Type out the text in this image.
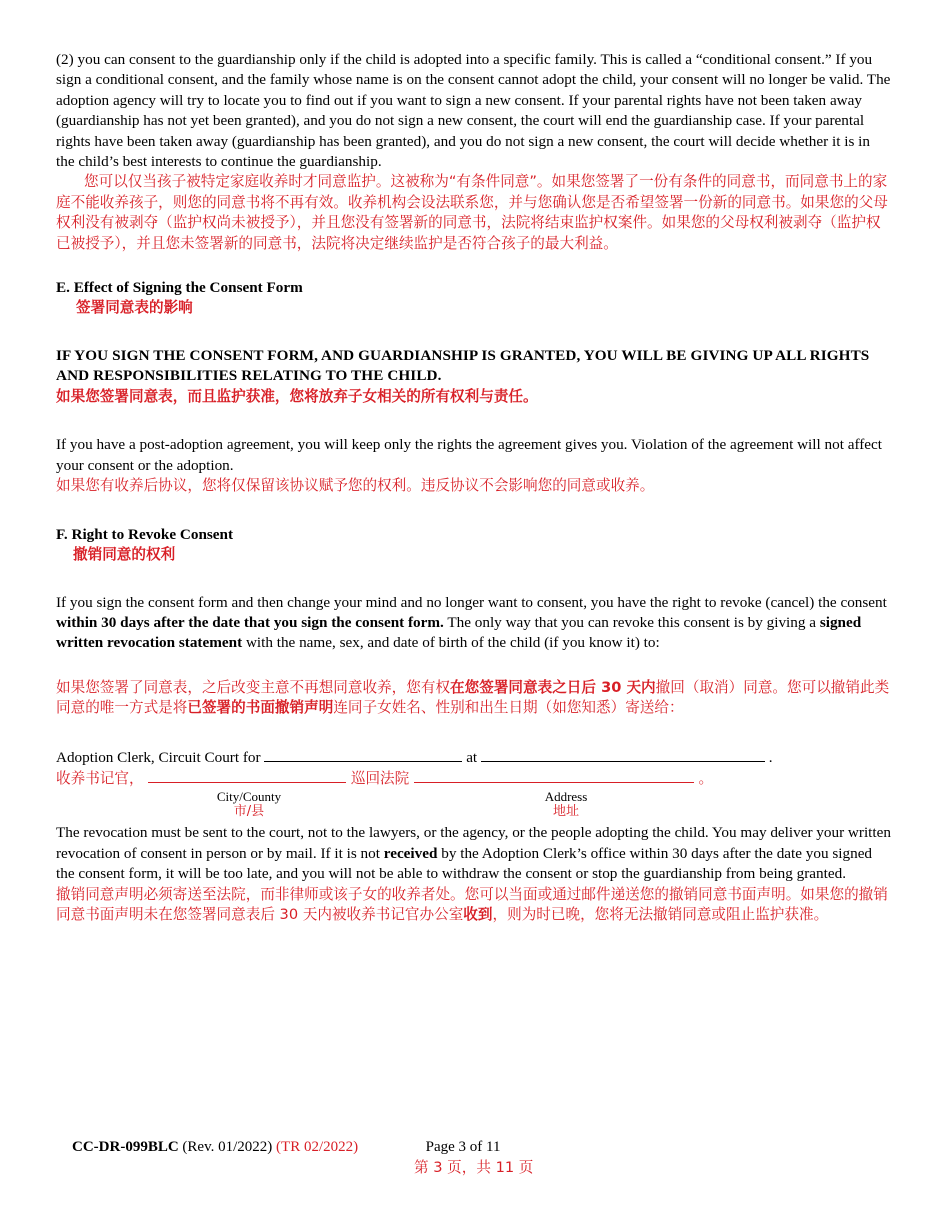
(2) you can consent to the guardianship only if the child is adopted into a specific family. This is called a “conditional consent.” If you sign a conditional consent, and the family whose name is on the consent cannot adopt the child, your consent will no longer be valid. The adoption agency will try to locate you to find out if you want to sign a new consent. If your parental rights have not been taken away (guardianship has not yet been granted), and you do not sign a new consent, the court will end the guardianship case. If your parental rights have been taken away (guardianship has been granted), and you do not sign a new consent, the court will decide whether it is in the child’s best interests to continue the guardianship.

您可以仅当孩子被特定家庭收养时才同意监护。这被称为“有条件同意”。如果您签署了一份有条件的同意书，而同意书上的家庭不能收养孩子，则您的同意书将不再有效。收养机构会设法联系您，并与您确认您是否希望签署一份新的同意书。如果您的父母权利没有被剥夺（监护权尚未被授予），并且您没有签署新的同意书，法院将结束监护权案件。如果您的父母权利被剥夺（监护权已被授予），并且您未签署新的同意书，法院将决定继续监护是否符合孩子的最大利益。

E. Effect of Signing the Consent Form
签署同意表的影响

IF YOU SIGN THE CONSENT FORM, AND GUARDIANSHIP IS GRANTED, YOU WILL BE GIVING UP ALL RIGHTS AND RESPONSIBILITIES RELATING TO THE CHILD.

如果您签署同意表，而且监护获准，您将放弃子女相关的所有权利与责任。

If you have a post-adoption agreement, you will keep only the rights the agreement gives you. Violation of the agreement will not affect your consent or the adoption.

如果您有收养后协议，您将仅保留该协议赋予您的权利。违反协议不会影响您的同意或收养。

F. Right to Revoke Consent
撤销同意的权利

If you sign the consent form and then change your mind and no longer want to consent, you have the right to revoke (cancel) the consent within 30 days after the date that you sign the consent form. The only way that you can revoke this consent is by giving a signed written revocation statement with the name, sex, and date of birth of the child (if you know it) to:

如果您签署了同意表，之后改变主意不再想同意收养，您有权在您签署同意表之日后 30 天内撤回（取消）同意。您可以撤销此类同意的唯一方式是将已签署的书面撤销声明连同子女姓名、性别和出生日期（如您知悉）寄送给：

Adoption Clerk, Circuit Court for	at	.

收养书记官，	巡回法院	。

City/County
市/县
Address
地址

The revocation must be sent to the court, not to the lawyers, or the agency, or the people adopting the child. You may deliver your written revocation of consent in person or by mail. If it is not received by the Adoption Clerk’s office within 30 days after the date you signed the consent form, it will be too late, and you will not be able to withdraw the consent or stop the guardianship from being granted.

撤销同意声明必须寄送至法院，而非律师或该子女的收养者处。您可以当面或通过邮件递送您的撤销同意书面声明。如果您的撤销同意书面声明未在您签署同意表后 30 天内被收养书记官办公室收到，则为时已晚，您将无法撤销同意或阻止监护获准。

CC-DR-099BLC (Rev. 01/2022) (TR 02/2022)	Page 3 of 11
第 3 页，共 11 页
